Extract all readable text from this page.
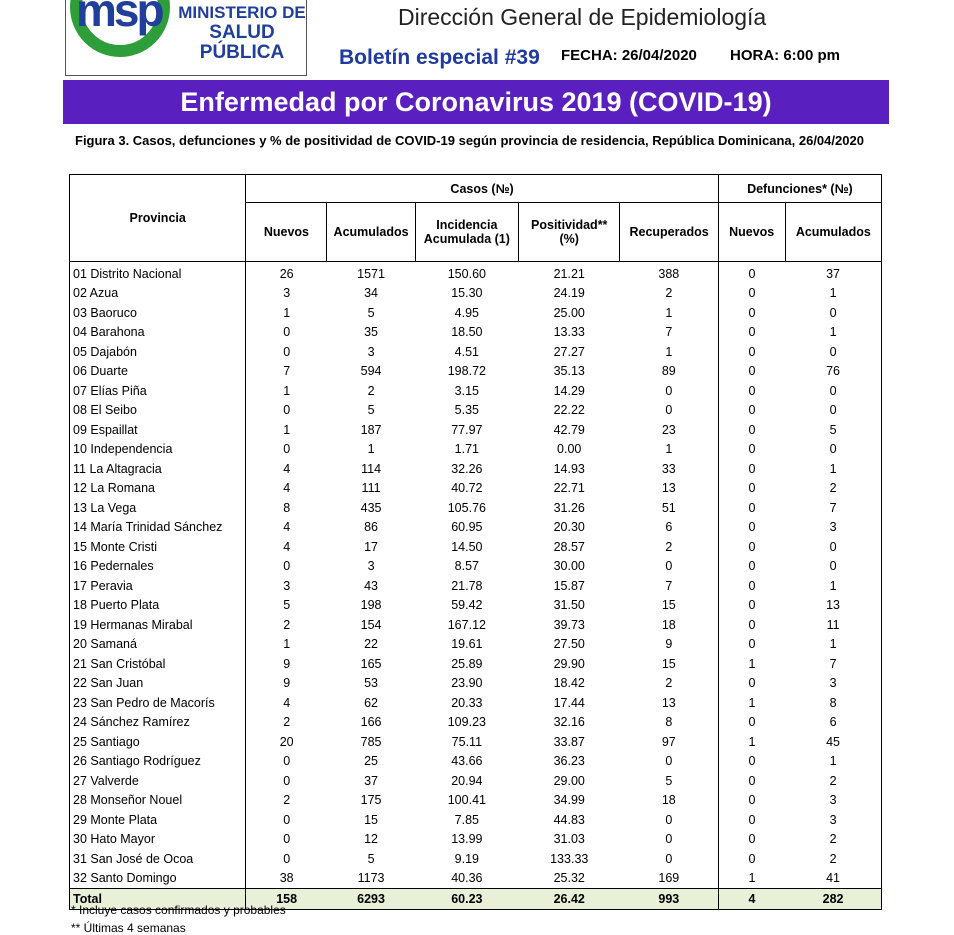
msp MINISTERIO DE
SALUD PÚBLICA
Dirección General de Epidemiología
Boletín especial #39 FECHA: 26/04/2020 HORA: 6:00 pm
Enfermedad por Coronavirus 2019 (COVID-19)
Figura 3. Casos, defunciones y % de positividad de COVID-19 según provincia de residencia, República Dominicana, 26/04/2020
Provincia	Casos (№)					Defunciones* (№)	
	Nuevos	Acumulados	Incidencia Acumulada (1)	Positividad** (%)	Recuperados	Nuevos	Acumulados
01 Distrito Nacional	26	1571	150.60	21.21	388	0	37
02 Azua	3	34	15.30	24.19	2	0	1
03 Baoruco	1	5	4.95	25.00	1	0	0
04 Barahona	0	35	18.50	13.33	7	0	1
05 Dajabón	0	3	4.51	27.27	1	0	0
06 Duarte	7	594	198.72	35.13	89	0	76
07 Elías Piña	1	2	3.15	14.29	0	0	0
08 El Seibo	0	5	5.35	22.22	0	0	0
09 Espaillat	1	187	77.97	42.79	23	0	5
10 Independencia	0	1	1.71	0.00	1	0	0
11 La Altagracia	4	114	32.26	14.93	33	0	1
12 La Romana	4	111	40.72	22.71	13	0	2
13 La Vega	8	435	105.76	31.26	51	0	7
14 María Trinidad Sánchez	4	86	60.95	20.30	6	0	3
15 Monte Cristi	4	17	14.50	28.57	2	0	0
16 Pedernales	0	3	8.57	30.00	0	0	0
17 Peravia	3	43	21.78	15.87	7	0	1
18 Puerto Plata	5	198	59.42	31.50	15	0	13
19 Hermanas Mirabal	2	154	167.12	39.73	18	0	11
20 Samaná	1	22	19.61	27.50	9	0	1
21 San Cristóbal	9	165	25.89	29.90	15	1	7
22 San Juan	9	53	23.90	18.42	2	0	3
23 San Pedro de Macorís	4	62	20.33	17.44	13	1	8
24 Sánchez Ramírez	2	166	109.23	32.16	8	0	6
25 Santiago	20	785	75.11	33.87	97	1	45
26 Santiago Rodríguez	0	25	43.66	36.23	0	0	1
27 Valverde	0	37	20.94	29.00	5	0	2
28 Monseñor Nouel	2	175	100.41	34.99	18	0	3
29 Monte Plata	0	15	7.85	44.83	0	0	3
30 Hato Mayor	0	12	13.99	31.03	0	0	2
31 San José de Ocoa	0	5	9.19	133.33	0	0	2
32 Santo Domingo	38	1173	40.36	25.32	169	1	41
Total	158	6293	60.23	26.42	993	4	282
* Incluye casos confirmados y probables
** Últimas 4 semanas
